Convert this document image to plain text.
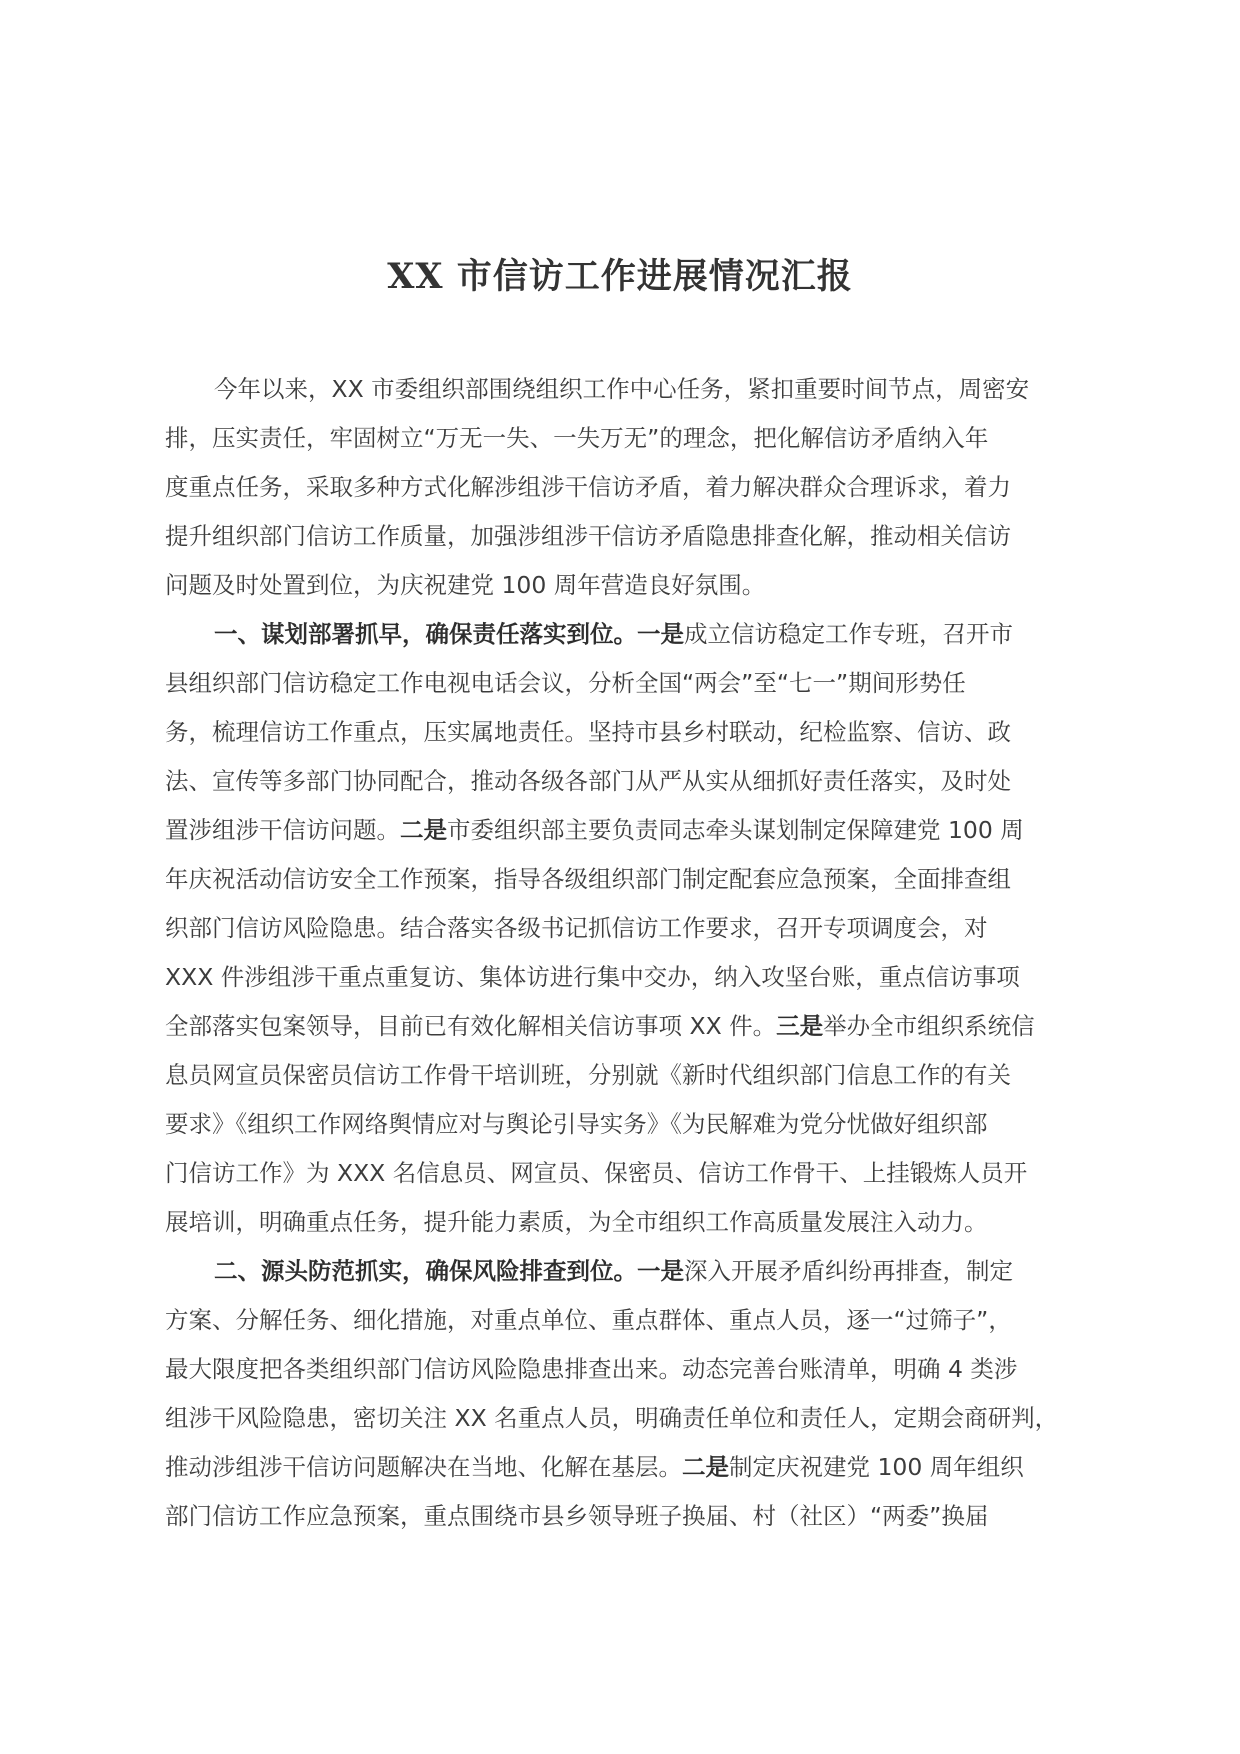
XX 市信访工作进展情况汇报
今年以来，XX 市委组织部围绕组织工作中心任务，紧扣重要时间节点，周密安
排，压实责任，牢固树立“万无一失、一失万无”的理念，把化解信访矛盾纳入年
度重点任务，采取多种方式化解涉组涉干信访矛盾，着力解决群众合理诉求，着力
提升组织部门信访工作质量，加强涉组涉干信访矛盾隐患排查化解，推动相关信访
问题及时处置到位，为庆祝建党 100 周年营造良好氛围。
一、谋划部署抓早，确保责任落实到位。一是成立信访稳定工作专班，召开市
县组织部门信访稳定工作电视电话会议，分析全国“两会”至“七一”期间形势任
务，梳理信访工作重点，压实属地责任。坚持市县乡村联动，纪检监察、信访、政
法、宣传等多部门协同配合，推动各级各部门从严从实从细抓好责任落实，及时处
置涉组涉干信访问题。二是市委组织部主要负责同志牵头谋划制定保障建党 100 周
年庆祝活动信访安全工作预案，指导各级组织部门制定配套应急预案，全面排查组
织部门信访风险隐患。结合落实各级书记抓信访工作要求，召开专项调度会，对
XXX 件涉组涉干重点重复访、集体访进行集中交办，纳入攻坚台账，重点信访事项
全部落实包案领导，目前已有效化解相关信访事项 XX 件。三是举办全市组织系统信
息员网宣员保密员信访工作骨干培训班，分别就《新时代组织部门信息工作的有关
要求》《组织工作网络舆情应对与舆论引导实务》《为民解难为党分忧做好组织部
门信访工作》为 XXX 名信息员、网宣员、保密员、信访工作骨干、上挂锻炼人员开
展培训，明确重点任务，提升能力素质，为全市组织工作高质量发展注入动力。
二、源头防范抓实，确保风险排查到位。一是深入开展矛盾纠纷再排查，制定
方案、分解任务、细化措施，对重点单位、重点群体、重点人员，逐一“过筛子”，
最大限度把各类组织部门信访风险隐患排查出来。动态完善台账清单，明确 4 类涉
组涉干风险隐患，密切关注 XX 名重点人员，明确责任单位和责任人，定期会商研判，
推动涉组涉干信访问题解决在当地、化解在基层。二是制定庆祝建党 100 周年组织
部门信访工作应急预案，重点围绕市县乡领导班子换届、村（社区）“两委”换届
